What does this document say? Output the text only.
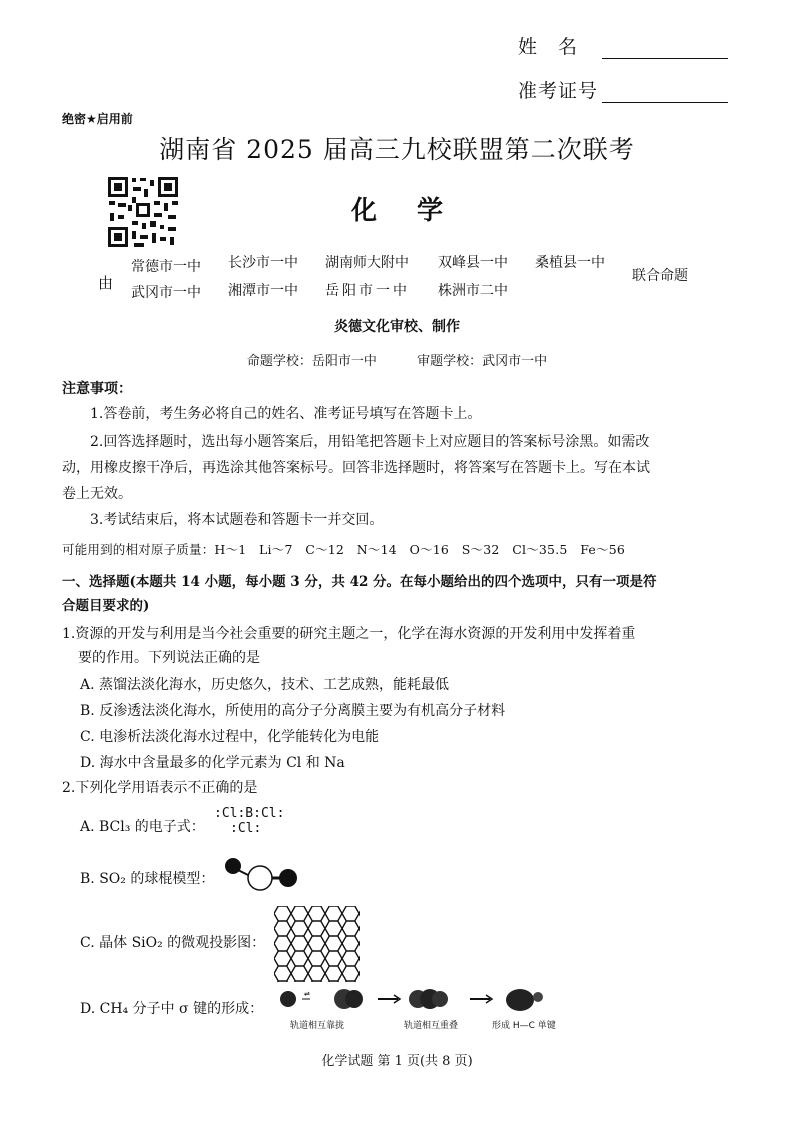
姓　名
准考证号
绝密★启用前
湖南省 2025 届高三九校联盟第二次联考
化学
由
常德市一中 长沙市一中 湖南师大附中 双峰县一中 桑植县一中
武冈市一中 湘潭市一中 岳阳市一中 株洲市二中
联合命题
炎德文化审校、制作
命题学校：岳阳市一中	审题学校：武冈市一中
注意事项：
1.答卷前，考生务必将自己的姓名、准考证号填写在答题卡上。
2.回答选择题时，选出每小题答案后，用铅笔把答题卡上对应题目的答案标号涂黑。如需改
动，用橡皮擦干净后，再选涂其他答案标号。回答非选择题时，将答案写在答题卡上。写在本试
卷上无效。
3.考试结束后，将本试题卷和答题卡一并交回。
可能用到的相对原子质量：H～1　Li～7　C～12　N～14　O～16　S～32　Cl～35.5　Fe～56
一、选择题(本题共 14 小题，每小题 3 分，共 42 分。在每小题给出的四个选项中，只有一项是符
合题目要求的)
1.资源的开发与利用是当今社会重要的研究主题之一，化学在海水资源的开发利用中发挥着重
要的作用。下列说法正确的是
A. 蒸馏法淡化海水，历史悠久，技术、工艺成熟，能耗最低
B. 反渗透法淡化海水，所使用的高分子分离膜主要为有机高分子材料
C. 电渗析法淡化海水过程中，化学能转化为电能
D. 海水中含量最多的化学元素为 Cl 和 Na
2.下列化学用语表示不正确的是
A. BCl₃ 的电子式：
:Cl:B:Cl:
:Cl:
B. SO₂ 的球棍模型：
C. 晶体 SiO₂ 的微观投影图：
D. CH₄ 分子中 σ 键的形成：
⇌
轨道相互靠拢	轨道相互重叠	形成 H—C 单键
化学试题 第 1 页(共 8 页)
